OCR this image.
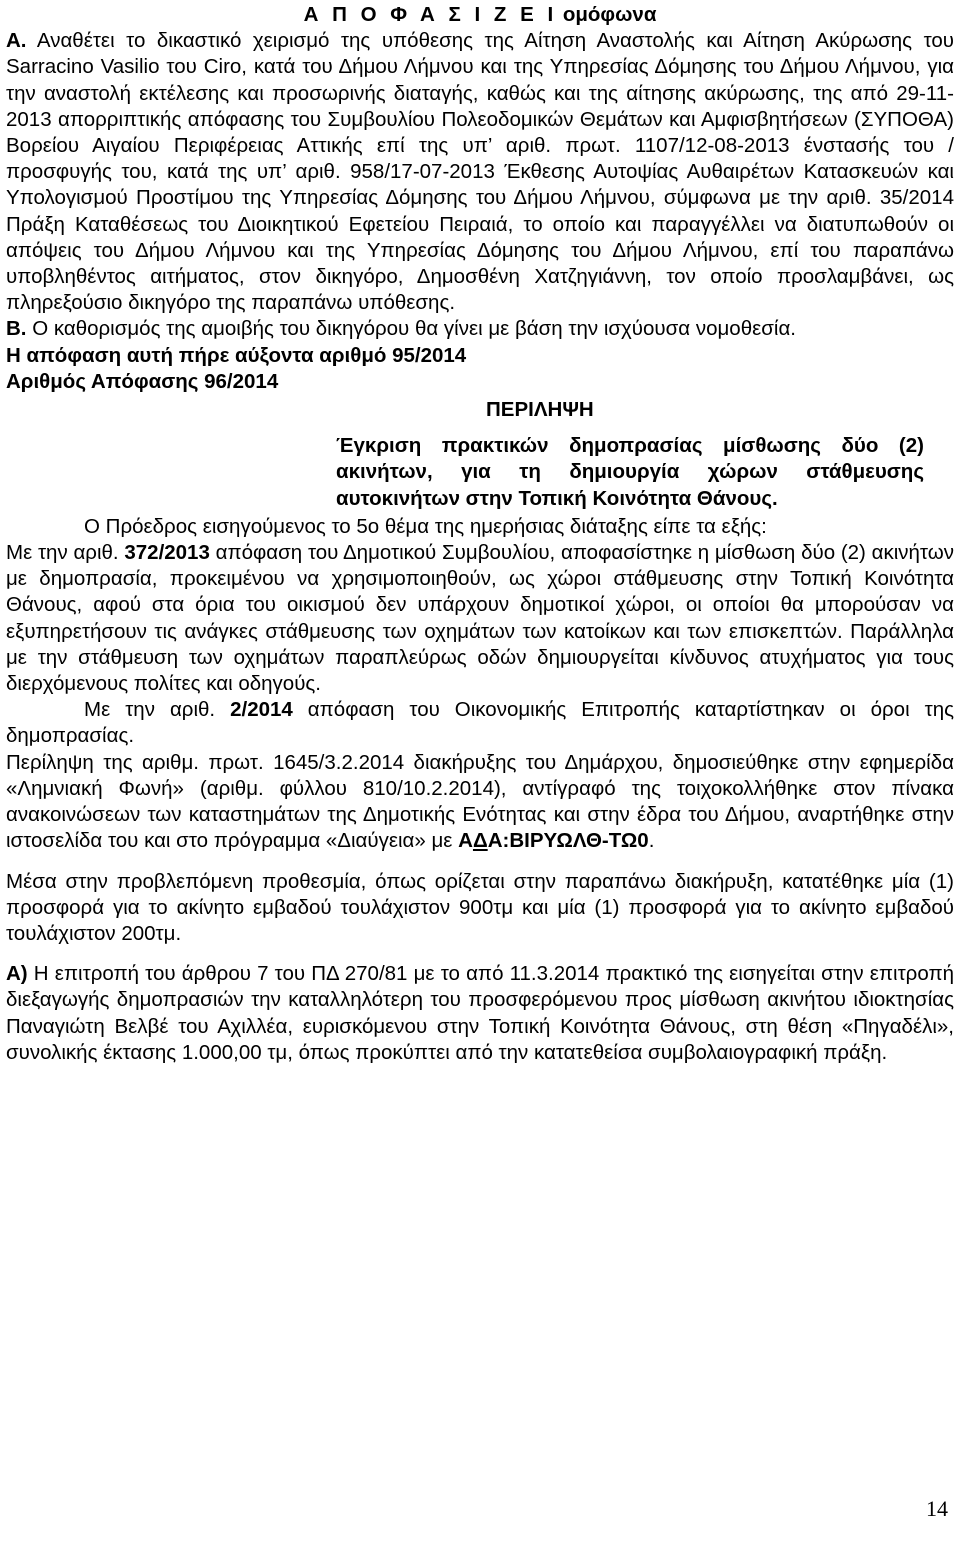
Α Π Ο Φ Α Σ Ι Ζ Ε Ι ομόφωνα

Α. Αναθέτει το δικαστικό χειρισμό της υπόθεσης της Αίτηση Αναστολής και Αίτηση Ακύρωσης του Sarracino Vasilio του Ciro, κατά του Δήμου Λήμνου και της Υπηρεσίας Δόμησης του Δήμου Λήμνου, για την αναστολή εκτέλεσης και προσωρινής διαταγής, καθώς και της αίτησης ακύρωσης, της από 29-11-2013 απορριπτικής απόφασης του Συμβουλίου Πολεοδομικών Θεμάτων και Αμφισβητήσεων (ΣΥΠΟΘΑ) Βορείου Αιγαίου Περιφέρειας Αττικής επί της υπ’ αριθ. πρωτ. 1107/12-08-2013 ένστασής του / προσφυγής του, κατά της υπ’ αριθ. 958/17-07-2013 Έκθεσης Αυτοψίας Αυθαιρέτων Κατασκευών και Υπολογισμού Προστίμου της Υπηρεσίας Δόμησης του Δήμου Λήμνου, σύμφωνα με την αριθ. 35/2014 Πράξη Καταθέσεως του Διοικητικού Εφετείου Πειραιά, το οποίο και παραγγέλλει να διατυπωθούν οι απόψεις του Δήμου Λήμνου και της Υπηρεσίας Δόμησης του Δήμου Λήμνου, επί του παραπάνω υποβληθέντος αιτήματος, στον δικηγόρο, Δημοσθένη Χατζηγιάννη, τον οποίο προσλαμβάνει, ως πληρεξούσιο δικηγόρο της παραπάνω υπόθεσης.

Β. Ο καθορισμός της αμοιβής του δικηγόρου θα γίνει με βάση την ισχύουσα νομοθεσία.

Η απόφαση αυτή πήρε αύξοντα αριθμό 95/2014

Αριθμός Απόφασης 96/2014

ΠΕΡΙΛΗΨΗ

Έγκριση πρακτικών δημοπρασίας μίσθωσης δύο (2) ακινήτων, για τη δημιουργία χώρων στάθμευσης αυτοκινήτων στην Τοπική Κοινότητα Θάνους.

Ο Πρόεδρος εισηγούμενος το 5ο θέμα της ημερήσιας διάταξης είπε τα εξής:

Με την αριθ. 372/2013 απόφαση του Δημοτικού Συμβουλίου, αποφασίστηκε η μίσθωση δύο (2) ακινήτων με δημοπρασία, προκειμένου να χρησιμοποιηθούν, ως χώροι στάθμευσης στην Τοπική Κοινότητα Θάνους, αφού στα όρια του οικισμού δεν υπάρχουν δημοτικοί χώροι, οι οποίοι θα μπορούσαν να εξυπηρετήσουν τις ανάγκες στάθμευσης των οχημάτων των κατοίκων και των επισκεπτών. Παράλληλα με την στάθμευση των οχημάτων παραπλεύρως οδών δημιουργείται κίνδυνος ατυχήματος για τους διερχόμενους πολίτες και οδηγούς.

Με την αριθ. 2/2014 απόφαση του Οικονομικής Επιτροπής καταρτίστηκαν οι όροι της δημοπρασίας.

Περίληψη της αριθμ. πρωτ. 1645/3.2.2014 διακήρυξης του Δημάρχου, δημοσιεύθηκε στην εφημερίδα «Λημνιακή Φωνή» (αριθμ. φύλλου 810/10.2.2014), αντίγραφό της τοιχοκολλήθηκε στον πίνακα ανακοινώσεων των καταστημάτων της Δημοτικής Ενότητας και στην έδρα του Δήμου, αναρτήθηκε στην ιστοσελίδα του και στο πρόγραμμα «Διαύγεια» με ΑΔΑ:ΒΙΡΥΩΛΘ-ΤΩ0.

Μέσα στην προβλεπόμενη προθεσμία, όπως ορίζεται στην παραπάνω διακήρυξη, κατατέθηκε μία (1) προσφορά για το ακίνητο εμβαδού τουλάχιστον 900τμ και μία (1) προσφορά για το ακίνητο εμβαδού τουλάχιστον 200τμ.

Α) Η επιτροπή του άρθρου 7 του ΠΔ 270/81 με το από 11.3.2014 πρακτικό της εισηγείται στην επιτροπή διεξαγωγής δημοπρασιών την καταλληλότερη του προσφερόμενου προς μίσθωση ακινήτου ιδιοκτησίας Παναγιώτη Βελβέ του Αχιλλέα, ευρισκόμενου στην Τοπική Κοινότητα Θάνους, στη θέση «Πηγαδέλι», συνολικής έκτασης 1.000,00 τμ, όπως προκύπτει από την κατατεθείσα συμβολαιογραφική πράξη.

14
